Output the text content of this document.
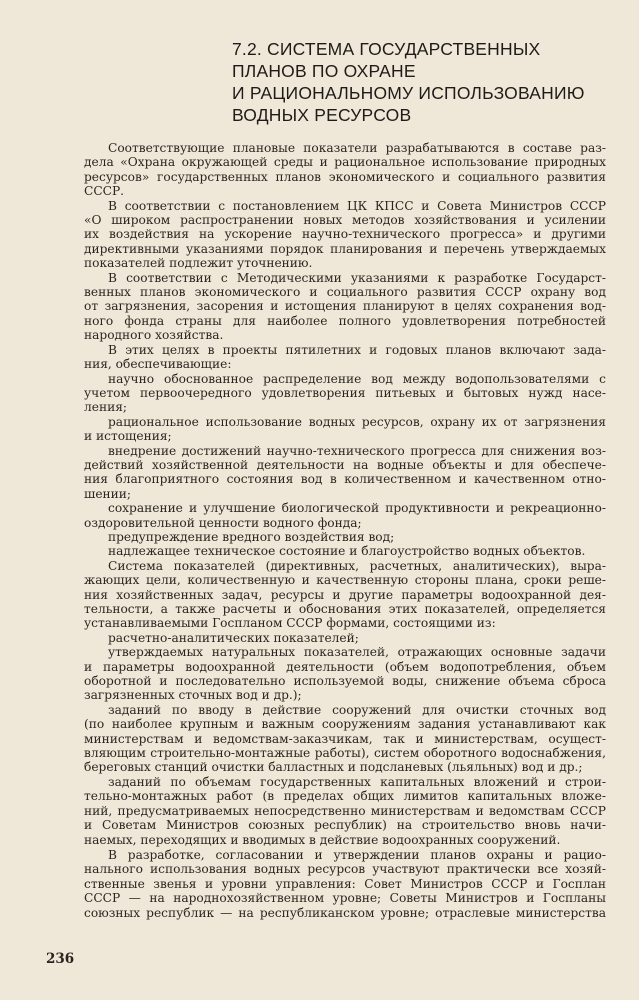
7.2. СИСТЕМА ГОСУДАРСТВЕННЫХ
ПЛАНОВ ПО ОХРАНЕ
И РАЦИОНАЛЬНОМУ ИСПОЛЬЗОВАНИЮ
ВОДНЫХ РЕСУРСОВ
Соответствующие плановые показатели разрабатываются в составе раз-
дела «Охрана окружающей среды и рациональное использование природных
ресурсов» государственных планов экономического и социального развития
СССР.
В соответствии с постановлением ЦК КПСС и Совета Министров СССР
«О широком распространении новых методов хозяйствования и усилении
их воздействия на ускорение научно-технического прогресса» и другими
директивными указаниями порядок планирования и перечень утверждаемых
показателей подлежит уточнению.
В соответствии с Методическими указаниями к разработке Государст-
венных планов экономического и социального развития СССР охрану вод
от загрязнения, засорения и истощения планируют в целях сохранения вод-
ного фонда страны для наиболее полного удовлетворения потребностей
народного хозяйства.
В этих целях в проекты пятилетних и годовых планов включают зада-
ния, обеспечивающие:
научно обоснованное распределение вод между водопользователями с
учетом первоочередного удовлетворения питьевых и бытовых нужд насе-
ления;
рациональное использование водных ресурсов, охрану их от загрязнения
и истощения;
внедрение достижений научно-технического прогресса для снижения воз-
действий хозяйственной деятельности на водные объекты и для обеспече-
ния благоприятного состояния вод в количественном и качественном отно-
шении;
сохранение и улучшение биологической продуктивности и рекреационно-
оздоровительной ценности водного фонда;
предупреждение вредного воздействия вод;
надлежащее техническое состояние и благоустройство водных объектов.
Система показателей (директивных, расчетных, аналитических), выра-
жающих цели, количественную и качественную стороны плана, сроки реше-
ния хозяйственных задач, ресурсы и другие параметры водоохранной дея-
тельности, а также расчеты и обоснования этих показателей, определяется
устанавливаемыми Госпланом СССР формами, состоящими из:
расчетно-аналитических показателей;
утверждаемых натуральных показателей, отражающих основные задачи
и параметры водоохранной деятельности (объем водопотребления, объем
оборотной и последовательно используемой воды, снижение объема сброса
загрязненных сточных вод и др.);
заданий по вводу в действие сооружений для очистки сточных вод
(по наиболее крупным и важным сооружениям задания устанавливают как
министерствам и ведомствам-заказчикам, так и министерствам, осущест-
вляющим строительно-монтажные работы), систем оборотного водоснабжения,
береговых станций очистки балластных и подсланевых (льяльных) вод и др.;
заданий по объемам государственных капитальных вложений и строи-
тельно-монтажных работ (в пределах общих лимитов капитальных вложе-
ний, предусматриваемых непосредственно министерствам и ведомствам СССР
и Советам Министров союзных республик) на строительство вновь начи-
наемых, переходящих и вводимых в действие водоохранных сооружений.
В разработке, согласовании и утверждении планов охраны и рацио-
нального использования водных ресурсов участвуют практически все хозяй-
ственные звенья и уровни управления: Совет Министров СССР и Госплан
СССР — на народнохозяйственном уровне; Советы Министров и Госпланы
союзных республик — на республиканском уровне; отраслевые министерства
236
